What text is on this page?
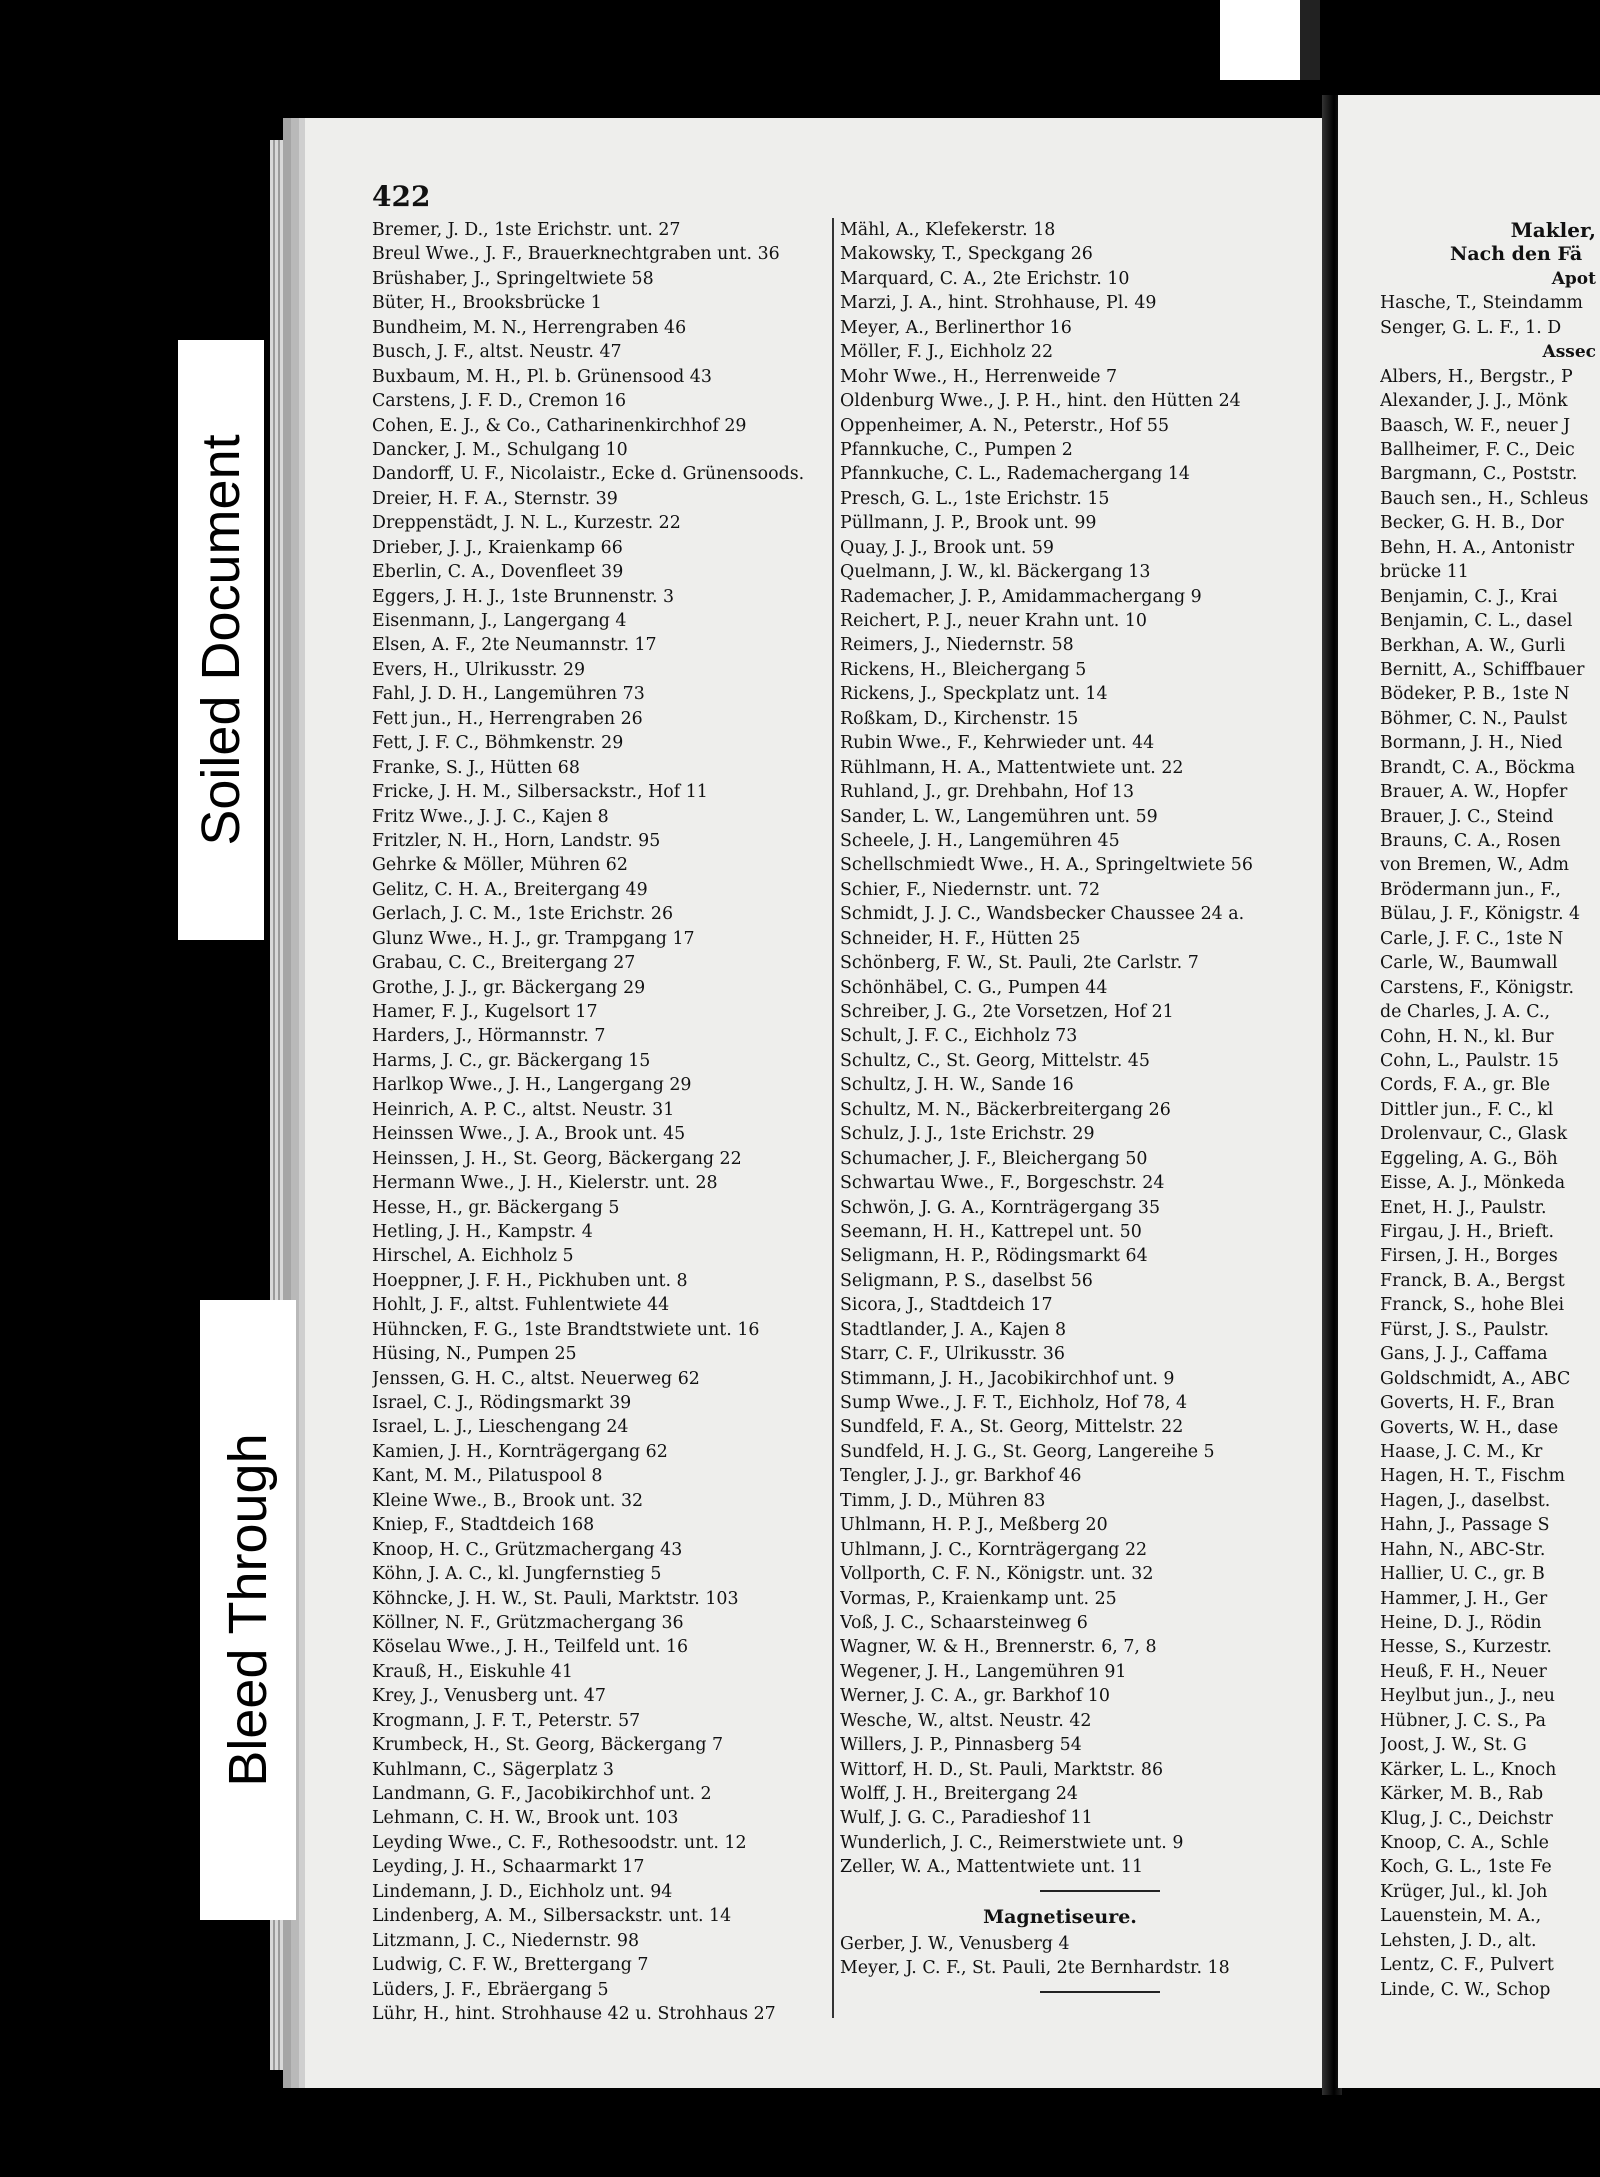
422
Bremer, J. D., 1ste Erichstr. unt. 27
Breul Wwe., J. F., Brauerknechtgraben unt. 36
Brüshaber, J., Springeltwiete 58
Büter, H., Brooksbrücke 1
Bundheim, M. N., Herrengraben 46
Busch, J. F., altst. Neustr. 47
Buxbaum, M. H., Pl. b. Grünensood 43
Carstens, J. F. D., Cremon 16
Cohen, E. J., & Co., Catharinenkirchhof 29
Dancker, J. M., Schulgang 10
Dandorff, U. F., Nicolaistr., Ecke d. Grünensoods.
Dreier, H. F. A., Sternstr. 39
Dreppenstädt, J. N. L., Kurzestr. 22
Drieber, J. J., Kraienkamp 66
Eberlin, C. A., Dovenfleet 39
Eggers, J. H. J., 1ste Brunnenstr. 3
Eisenmann, J., Langergang 4
Elsen, A. F., 2te Neumannstr. 17
Evers, H., Ulrikusstr. 29
Fahl, J. D. H., Langemühren 73
Fett jun., H., Herrengraben 26
Fett, J. F. C., Böhmkenstr. 29
Franke, S. J., Hütten 68
Fricke, J. H. M., Silbersackstr., Hof 11
Fritz Wwe., J. J. C., Kajen 8
Fritzler, N. H., Horn, Landstr. 95
Gehrke & Möller, Mühren 62
Gelitz, C. H. A., Breitergang 49
Gerlach, J. C. M., 1ste Erichstr. 26
Glunz Wwe., H. J., gr. Trampgang 17
Grabau, C. C., Breitergang 27
Grothe, J. J., gr. Bäckergang 29
Hamer, F. J., Kugelsort 17
Harders, J., Hörmannstr. 7
Harms, J. C., gr. Bäckergang 15
Harlkop Wwe., J. H., Langergang 29
Heinrich, A. P. C., altst. Neustr. 31
Heinssen Wwe., J. A., Brook unt. 45
Heinssen, J. H., St. Georg, Bäckergang 22
Hermann Wwe., J. H., Kielerstr. unt. 28
Hesse, H., gr. Bäckergang 5
Hetling, J. H., Kampstr. 4
Hirschel, A. Eichholz 5
Hoeppner, J. F. H., Pickhuben unt. 8
Hohlt, J. F., altst. Fuhlentwiete 44
Hühncken, F. G., 1ste Brandtstwiete unt. 16
Hüsing, N., Pumpen 25
Jenssen, G. H. C., altst. Neuerweg 62
Israel, C. J., Rödingsmarkt 39
Israel, L. J., Lieschengang 24
Kamien, J. H., Kornträgergang 62
Kant, M. M., Pilatuspool 8
Kleine Wwe., B., Brook unt. 32
Kniep, F., Stadtdeich 168
Knoop, H. C., Grützmachergang 43
Köhn, J. A. C., kl. Jungfernstieg 5
Köhncke, J. H. W., St. Pauli, Marktstr. 103
Köllner, N. F., Grützmachergang 36
Köselau Wwe., J. H., Teilfeld unt. 16
Krauß, H., Eiskuhle 41
Krey, J., Venusberg unt. 47
Krogmann, J. F. T., Peterstr. 57
Krumbeck, H., St. Georg, Bäckergang 7
Kuhlmann, C., Sägerplatz 3
Landmann, G. F., Jacobikirchhof unt. 2
Lehmann, C. H. W., Brook unt. 103
Leyding Wwe., C. F., Rothesoodstr. unt. 12
Leyding, J. H., Schaarmarkt 17
Lindemann, J. D., Eichholz unt. 94
Lindenberg, A. M., Silbersackstr. unt. 14
Litzmann, J. C., Niedernstr. 98
Ludwig, C. F. W., Brettergang 7
Lüders, J. F., Ebräergang 5
Lühr, H., hint. Strohhause 42 u. Strohhaus 27
Mähl, A., Klefekerstr. 18
Makowsky, T., Speckgang 26
Marquard, C. A., 2te Erichstr. 10
Marzi, J. A., hint. Strohhause, Pl. 49
Meyer, A., Berlinerthor 16
Möller, F. J., Eichholz 22
Mohr Wwe., H., Herrenweide 7
Oldenburg Wwe., J. P. H., hint. den Hütten 24
Oppenheimer, A. N., Peterstr., Hof 55
Pfannkuche, C., Pumpen 2
Pfannkuche, C. L., Rademachergang 14
Presch, G. L., 1ste Erichstr. 15
Püllmann, J. P., Brook unt. 99
Quay, J. J., Brook unt. 59
Quelmann, J. W., kl. Bäckergang 13
Rademacher, J. P., Amidammachergang 9
Reichert, P. J., neuer Krahn unt. 10
Reimers, J., Niedernstr. 58
Rickens, H., Bleichergang 5
Rickens, J., Speckplatz unt. 14
Roßkam, D., Kirchenstr. 15
Rubin Wwe., F., Kehrwieder unt. 44
Rühlmann, H. A., Mattentwiete unt. 22
Ruhland, J., gr. Drehbahn, Hof 13
Sander, L. W., Langemühren unt. 59
Scheele, J. H., Langemühren 45
Schellschmiedt Wwe., H. A., Springeltwiete 56
Schier, F., Niedernstr. unt. 72
Schmidt, J. J. C., Wandsbecker Chaussee 24 a.
Schneider, H. F., Hütten 25
Schönberg, F. W., St. Pauli, 2te Carlstr. 7
Schönhäbel, C. G., Pumpen 44
Schreiber, J. G., 2te Vorsetzen, Hof 21
Schult, J. F. C., Eichholz 73
Schultz, C., St. Georg, Mittelstr. 45
Schultz, J. H. W., Sande 16
Schultz, M. N., Bäckerbreitergang 26
Schulz, J. J., 1ste Erichstr. 29
Schumacher, J. F., Bleichergang 50
Schwartau Wwe., F., Borgeschstr. 24
Schwön, J. G. A., Kornträgergang 35
Seemann, H. H., Kattrepel unt. 50
Seligmann, H. P., Rödingsmarkt 64
Seligmann, P. S., daselbst 56
Sicora, J., Stadtdeich 17
Stadtlander, J. A., Kajen 8
Starr, C. F., Ulrikusstr. 36
Stimmann, J. H., Jacobikirchhof unt. 9
Sump Wwe., J. F. T., Eichholz, Hof 78, 4
Sundfeld, F. A., St. Georg, Mittelstr. 22
Sundfeld, H. J. G., St. Georg, Langereihe 5
Tengler, J. J., gr. Barkhof 46
Timm, J. D., Mühren 83
Uhlmann, H. P. J., Meßberg 20
Uhlmann, J. C., Kornträgergang 22
Vollporth, C. F. N., Königstr. unt. 32
Vormas, P., Kraienkamp unt. 25
Voß, J. C., Schaarsteinweg 6
Wagner, W. & H., Brennerstr. 6, 7, 8
Wegener, J. H., Langemühren 91
Werner, J. C. A., gr. Barkhof 10
Wesche, W., altst. Neustr. 42
Willers, J. P., Pinnasberg 54
Wittorf, H. D., St. Pauli, Marktstr. 86
Wolff, J. H., Breitergang 24
Wulf, J. G. C., Paradieshof 11
Wunderlich, J. C., Reimerstwiete unt. 9
Zeller, W. A., Mattentwiete unt. 11
Magnetiseure.
Gerber, J. W., Venusberg 4
Meyer, J. C. F., St. Pauli, 2te Bernhardstr. 18
Makler,
Nach den Fä
Apot
Hasche, T., Steindamm
Senger, G. L. F., 1. D
Assec
Albers, H., Bergstr., P
Alexander, J. J., Mönk
Baasch, W. F., neuer J
Ballheimer, F. C., Deic
Bargmann, C., Poststr.
Bauch sen., H., Schleus
Becker, G. H. B., Dor
Behn, H. A., Antonistr
brücke 11
Benjamin, C. J., Krai
Benjamin, C. L., dasel
Berkhan, A. W., Gurli
Bernitt, A., Schiffbauer
Bödeker, P. B., 1ste N
Böhmer, C. N., Paulst
Bormann, J. H., Nied
Brandt, C. A., Böckma
Brauer, A. W., Hopfer
Brauer, J. C., Steind
Brauns, C. A., Rosen
von Bremen, W., Adm
Brödermann jun., F.,
Bülau, J. F., Königstr. 4
Carle, J. F. C., 1ste N
Carle, W., Baumwall
Carstens, F., Königstr.
de Charles, J. A. C.,
Cohn, H. N., kl. Bur
Cohn, L., Paulstr. 15
Cords, F. A., gr. Ble
Dittler jun., F. C., kl
Drolenvaur, C., Glask
Eggeling, A. G., Böh
Eisse, A. J., Mönkeda
Enet, H. J., Paulstr.
Firgau, J. H., Brieft.
Firsen, J. H., Borges
Franck, B. A., Bergst
Franck, S., hohe Blei
Fürst, J. S., Paulstr.
Gans, J. J., Caffama
Goldschmidt, A., ABC
Goverts, H. F., Bran
Goverts, W. H., dase
Haase, J. C. M., Kr
Hagen, H. T., Fischm
Hagen, J., daselbst.
Hahn, J., Passage S
Hahn, N., ABC-Str.
Hallier, U. C., gr. B
Hammer, J. H., Ger
Heine, D. J., Rödin
Hesse, S., Kurzestr.
Heuß, F. H., Neuer
Heylbut jun., J., neu
Hübner, J. C. S., Pa
Joost, J. W., St. G
Kärker, L. L., Knoch
Kärker, M. B., Rab
Klug, J. C., Deichstr
Knoop, C. A., Schle
Koch, G. L., 1ste Fe
Krüger, Jul., kl. Joh
Lauenstein, M. A.,
Lehsten, J. D., alt.
Lentz, C. F., Pulvert
Linde, C. W., Schop
Soiled Document
Bleed Through
